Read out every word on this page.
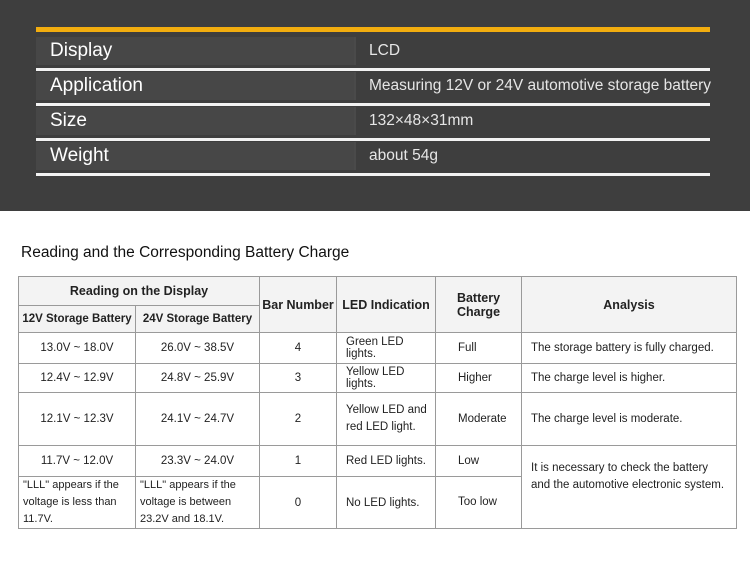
Display	LCD
Application	Measuring 12V or 24V automotive storage battery
Size	132×48×31mm
Weight	about 54g
Reading and the Corresponding Battery Charge
Reading on the Display		Bar Number	LED Indication	Battery Charge	Analysis
12V Storage Battery	24V Storage Battery				
13.0V ~ 18.0V	26.0V ~ 38.5V	4	Green LED lights.	Full	The storage battery is fully charged.
12.4V ~ 12.9V	24.8V ~ 25.9V	3	Yellow LED lights.	Higher	The charge level is higher.
12.1V ~ 12.3V	24.1V ~ 24.7V	2	Yellow LED and red LED light.	Moderate	The charge level is moderate.
11.7V ~ 12.0V	23.3V ~ 24.0V	1	Red LED lights.	Low	It is necessary to check the battery and the automotive electronic system.
"LLL" appears if the voltage is less than 11.7V.	"LLL" appears if the voltage is between 23.2V and 18.1V.	0	No LED lights.	Too low	
